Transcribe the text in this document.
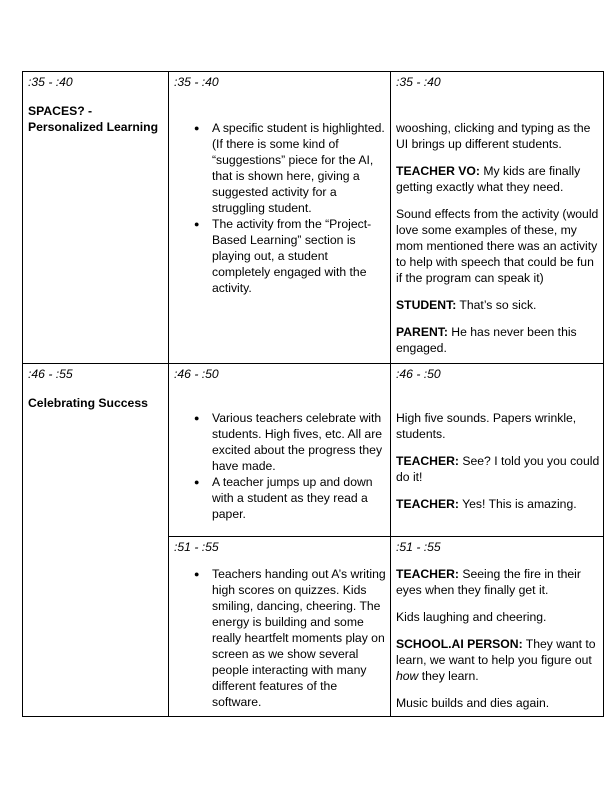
:35 - :40

SPACES? - Personalized Learning

:35 - :40

● A specific student is highlighted.(If there is some kind of “suggestions” piece for the AI, that is shown here, giving a suggested activity for a struggling student.
● The activity from the “Project-Based Learning” section is playing out, a student completely engaged with the activity.

:35 - :40

wooshing, clicking and typing as the UI brings up different students.

TEACHER VO: My kids are finally getting exactly what they need.

Sound effects from the activity (would love some examples of these, my mom mentioned there was an activity to help with speech that could be fun if the program can speak it)

STUDENT: That’s so sick.

PARENT: He has never been this engaged.

:46 - :55

Celebrating Success

:46 - :50

● Various teachers celebrate with students. High fives, etc. All are excited about the progress they have made.
● A teacher jumps up and down with a student as they read a paper.

:46 - :50

High five sounds. Papers wrinkle, students.

TEACHER: See? I told you you could do it!

TEACHER: Yes! This is amazing.

:51 - :55

● Teachers handing out A’s writing high scores on quizzes. Kids smiling, dancing, cheering. The energy is building and some really heartfelt moments play on screen as we show several people interacting with many different features of the software.

:51 - :55

TEACHER: Seeing the fire in their eyes when they finally get it.

Kids laughing and cheering.

SCHOOL.AI PERSON: They want to learn, we want to help you figure out how they learn.

Music builds and dies again.
